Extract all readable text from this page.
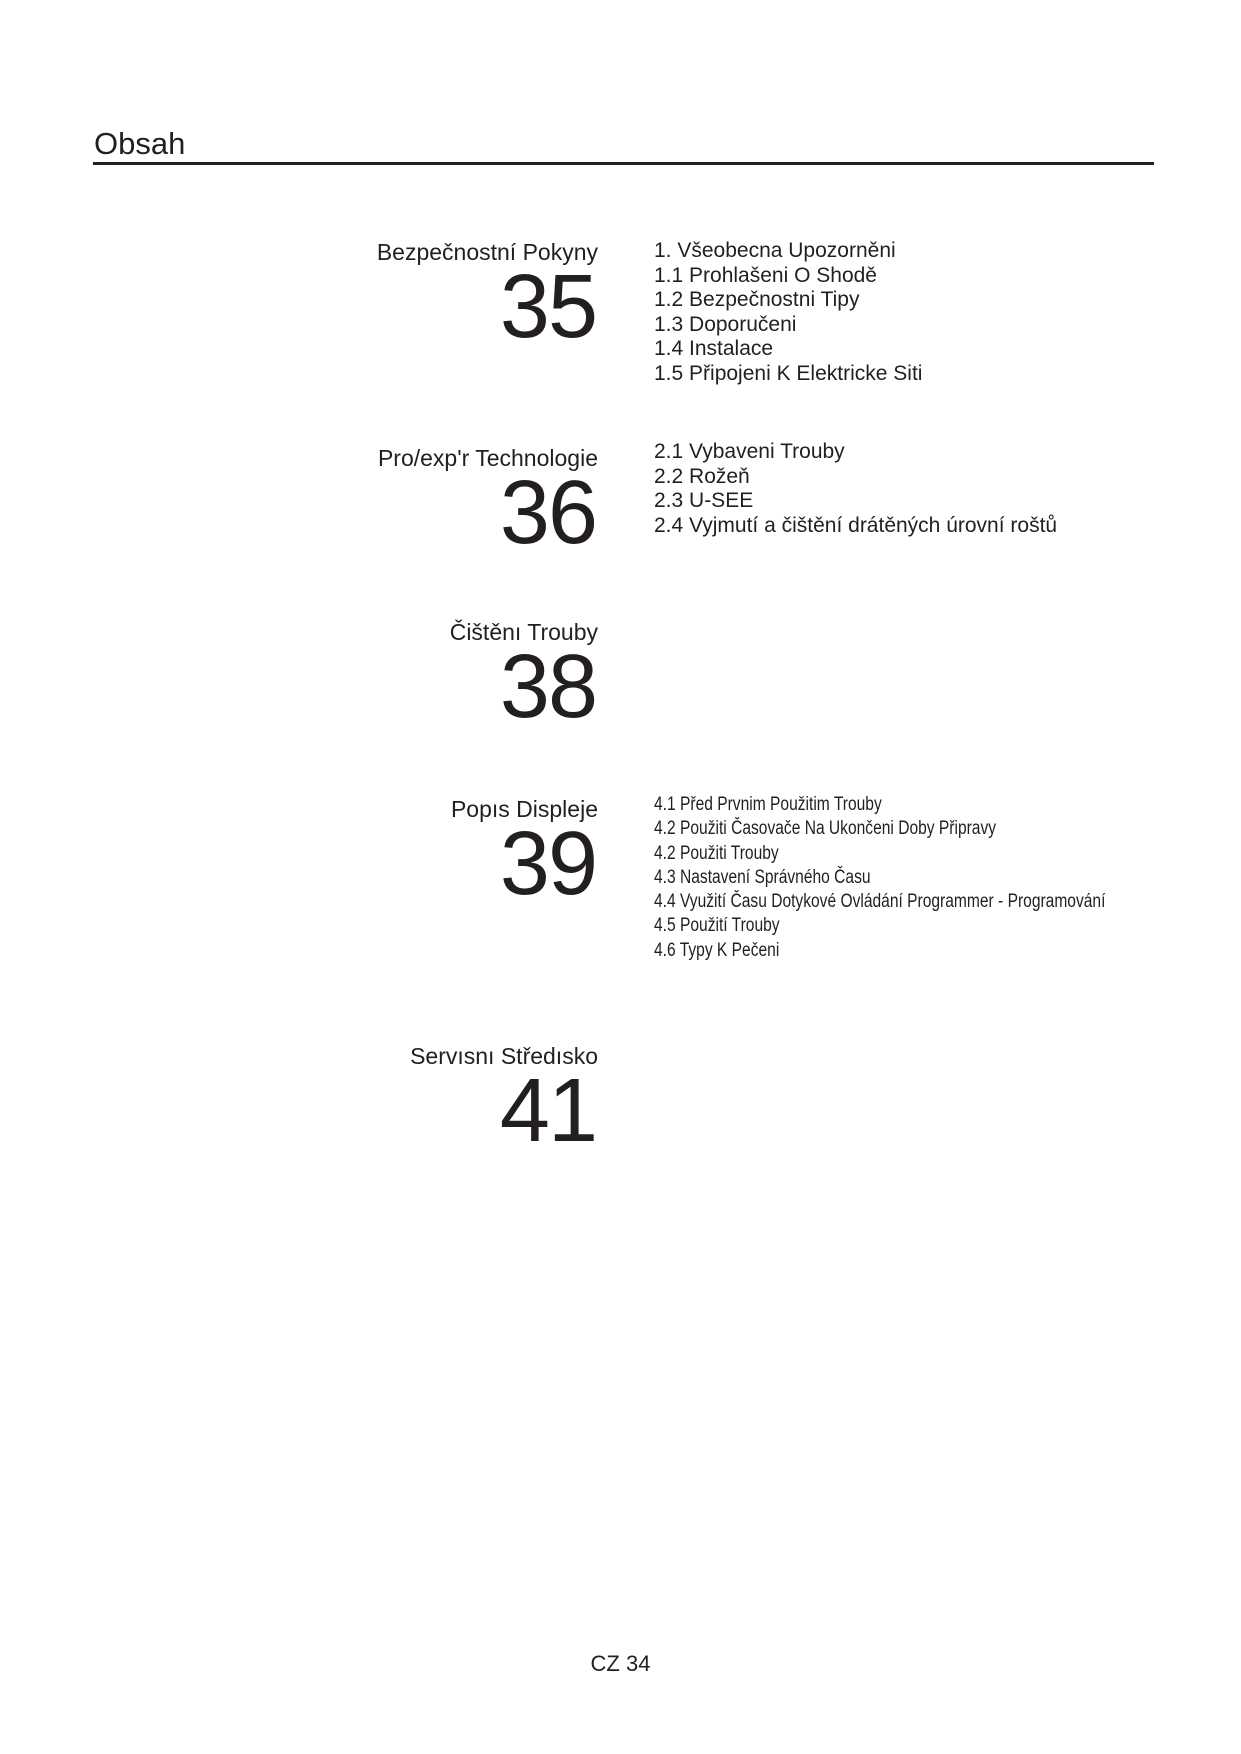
Obsah
Bezpečnostní Pokyny
35
1. Všeobecna Upozorněni
1.1 Prohlašeni O Shodě
1.2 Bezpečnostni Tipy
1.3 Doporučeni
1.4 Instalace
1.5 Připojeni K Elektricke Siti
Pro/exp'r Technologie
36
2.1 Vybaveni Trouby
2.2 Rožeň
2.3 U-SEE
2.4 Vyjmutí a čištění drátěných úrovní roštů
Čištěnı Trouby
38
Popıs Displeje
39
4.1 Před Prvnim Použitim Trouby
4.2 Použiti Časovače Na Ukončeni Doby Připravy
4.2 Použiti Trouby
4.3 Nastavení Správného Času
4.4 Využití Času Dotykové Ovládání Programmer - Programování
4.5 Použití Trouby
4.6 Typy K Pečeni
Servısnı Středısko
41
CZ 34
